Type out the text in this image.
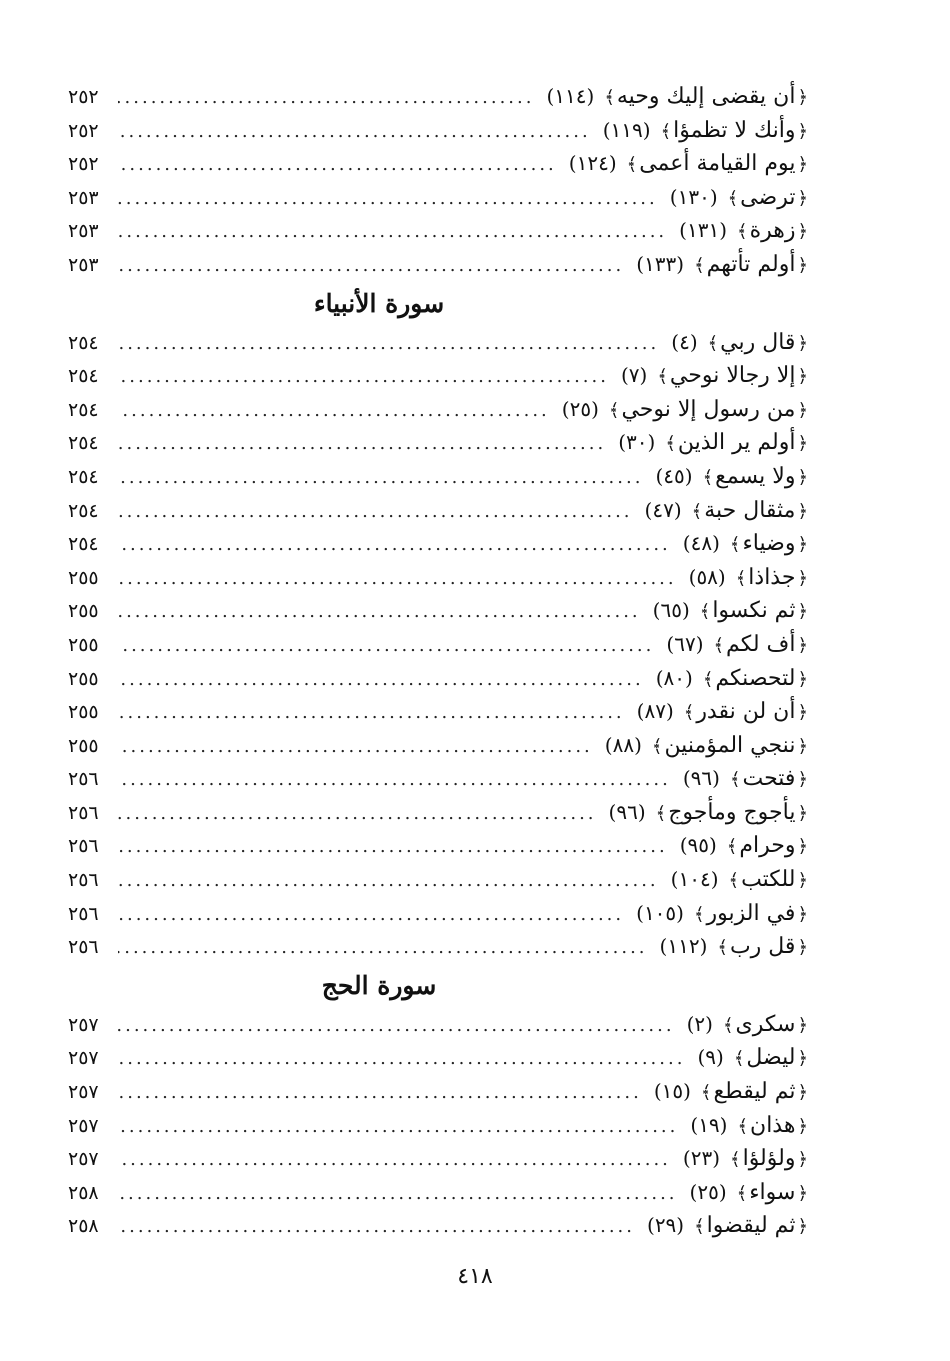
﴿
أن يقضى إليك وحيه
﴾
(١١٤)
.....
٢٥٢
﴿
وأنك لا تظمؤا
﴾
(١١٩)
.....
٢٥٢
﴿
يوم القيامة أعمى
﴾
(١٢٤)
.....
٢٥٢
﴿
ترضى
﴾
(١٣٠)
.....
٢٥٣
﴿
زهرة
﴾
(١٣١)
.....
٢٥٣
﴿
أولم تأتهم
﴾
(١٣٣)
.....
٢٥٣
سورة الأنبياء
﴿
قال ربي
﴾
(٤)
.....
٢٥٤
﴿
إلا رجالا نوحي
﴾
(٧)
.....
٢٥٤
﴿
من رسول إلا نوحي
﴾
(٢٥)
.....
٢٥٤
﴿
أولم ير الذين
﴾
(٣٠)
.....
٢٥٤
﴿
ولا يسمع
﴾
(٤٥)
.....
٢٥٤
﴿
مثقال حبة
﴾
(٤٧)
.....
٢٥٤
﴿
وضياء
﴾
(٤٨)
.....
٢٥٤
﴿
جذاذا
﴾
(٥٨)
.....
٢٥٥
﴿
ثم نكسوا
﴾
(٦٥)
.....
٢٥٥
﴿
أف لكم
﴾
(٦٧)
.....
٢٥٥
﴿
لتحصنكم
﴾
(٨٠)
.....
٢٥٥
﴿
أن لن نقدر
﴾
(٨٧)
.....
٢٥٥
﴿
ننجي المؤمنين
﴾
(٨٨)
.....
٢٥٥
﴿
فتحت
﴾
(٩٦)
.....
٢٥٦
﴿
يأجوج ومأجوج
﴾
(٩٦)
.....
٢٥٦
﴿
وحرام
﴾
(٩٥)
.....
٢٥٦
﴿
للكتب
﴾
(١٠٤)
.....
٢٥٦
﴿
في الزبور
﴾
(١٠٥)
.....
٢٥٦
﴿
قل رب
﴾
(١١٢)
.....
٢٥٦
سورة الحج
﴿
سكرى
﴾
(٢)
.....
٢٥٧
﴿
ليضل
﴾
(٩)
.....
٢٥٧
﴿
ثم ليقطع
﴾
(١٥)
.....
٢٥٧
﴿
هذان
﴾
(١٩)
.....
٢٥٧
﴿
ولؤلؤا
﴾
(٢٣)
.....
٢٥٧
﴿
سواء
﴾
(٢٥)
.....
٢٥٨
﴿
ثم ليقضوا
﴾
(٢٩)
.....
٢٥٨
٤١٨
